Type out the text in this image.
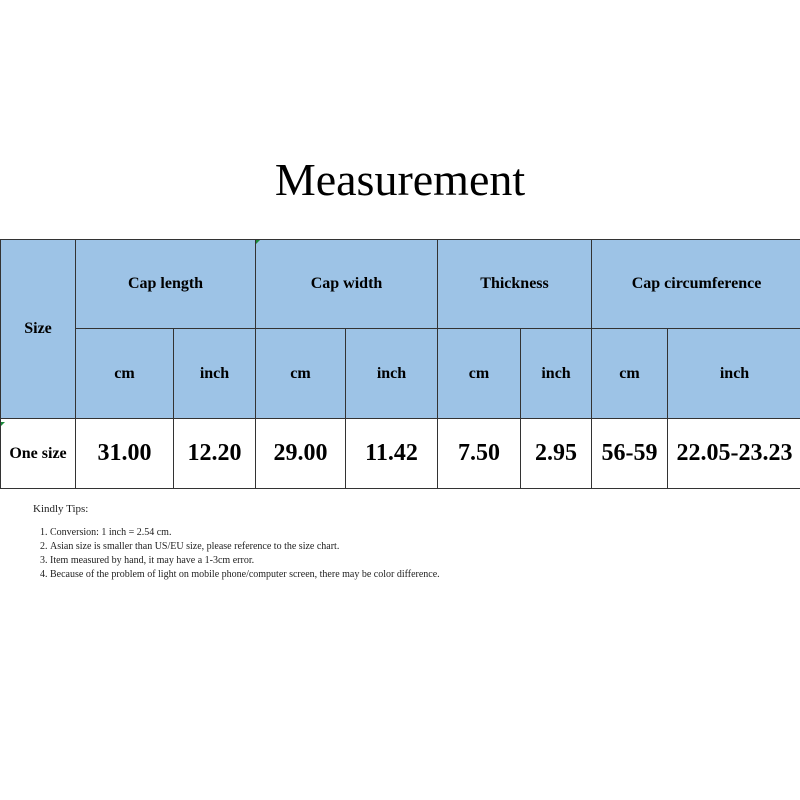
Measurement
Size	Cap length		Cap width		Thickness		Cap circumference	
	cm	inch	cm	inch	cm	inch	cm	inch
One size	31.00	12.20	29.00	11.42	7.50	2.95	56-59	22.05-23.23
Kindly Tips:
1. Conversion: 1 inch = 2.54 cm.
2. Asian size is smaller than US/EU size, please reference to the size chart.
3. Item measured by hand, it may have a 1-3cm error.
4. Because of the problem of light on mobile phone/computer screen, there may be color difference.
